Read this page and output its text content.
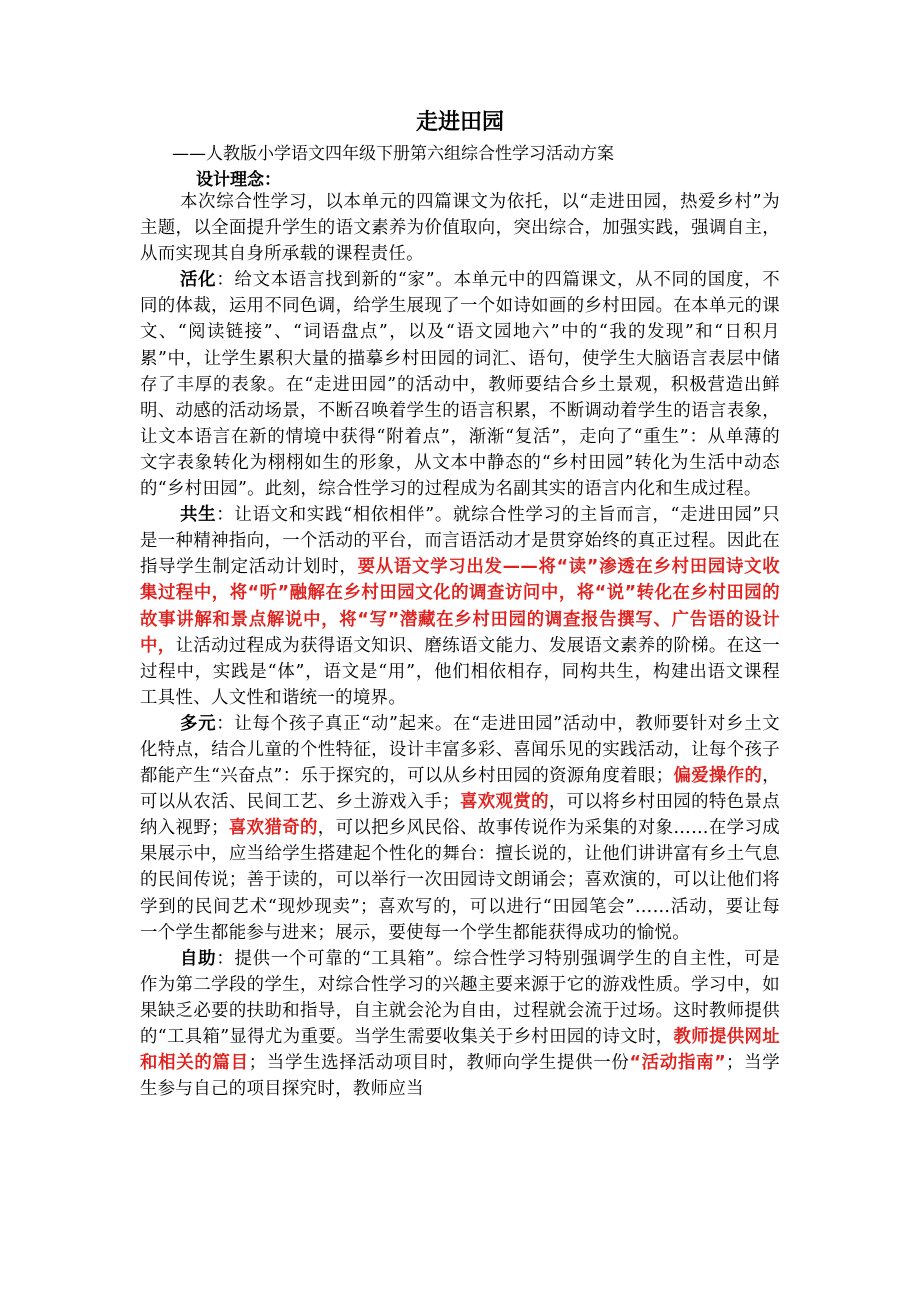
走进田园
——人教版小学语文四年级下册第六组综合性学习活动方案
设计理念：

本次综合性学习，以本单元的四篇课文为依托，以“走进田园，热爱乡村”为主题，以全面提升学生的语文素养为价值取向，突出综合，加强实践，强调自主，从而实现其自身所承载的课程责任。

活化：给文本语言找到新的“家”。本单元中的四篇课文，从不同的国度，不同的体裁，运用不同色调，给学生展现了一个如诗如画的乡村田园。在本单元的课文、“阅读链接”、“词语盘点”，以及“语文园地六”中的“我的发现”和“日积月累”中，让学生累积大量的描摹乡村田园的词汇、语句，使学生大脑语言表层中储存了丰厚的表象。在“走进田园”的活动中，教师要结合乡土景观，积极营造出鲜明、动感的活动场景，不断召唤着学生的语言积累，不断调动着学生的语言表象，让文本语言在新的情境中获得“附着点”，渐渐“复活”，走向了“重生”：从单薄的文字表象转化为栩栩如生的形象，从文本中静态的“乡村田园”转化为生活中动态的“乡村田园”。此刻，综合性学习的过程成为名副其实的语言内化和生成过程。

共生：让语文和实践“相依相伴”。就综合性学习的主旨而言，“走进田园”只是一种精神指向，一个活动的平台，而言语活动才是贯穿始终的真正过程。因此在指导学生制定活动计划时，要从语文学习出发——将“读”渗透在乡村田园诗文收集过程中，将“听”融解在乡村田园文化的调查访问中，将“说”转化在乡村田园的故事讲解和景点解说中，将“写”潜藏在乡村田园的调查报告撰写、广告语的设计中，让活动过程成为获得语文知识、磨练语文能力、发展语文素养的阶梯。在这一过程中，实践是“体”，语文是“用”，他们相依相存，同构共生，构建出语文课程工具性、人文性和谐统一的境界。

多元：让每个孩子真正“动”起来。在“走进田园”活动中，教师要针对乡土文化特点，结合儿童的个性特征，设计丰富多彩、喜闻乐见的实践活动，让每个孩子都能产生“兴奋点”：乐于探究的，可以从乡村田园的资源角度着眼；偏爱操作的，可以从农活、民间工艺、乡土游戏入手；喜欢观赏的，可以将乡村田园的特色景点纳入视野；喜欢猎奇的，可以把乡风民俗、故事传说作为采集的对象……在学习成果展示中，应当给学生搭建起个性化的舞台：擅长说的，让他们讲讲富有乡土气息的民间传说；善于读的，可以举行一次田园诗文朗诵会；喜欢演的，可以让他们将学到的民间艺术“现炒现卖”；喜欢写的，可以进行“田园笔会”……活动，要让每一个学生都能参与进来；展示，要使每一个学生都能获得成功的愉悦。

自助：提供一个可靠的“工具箱”。综合性学习特别强调学生的自主性，可是作为第二学段的学生，对综合性学习的兴趣主要来源于它的游戏性质。学习中，如果缺乏必要的扶助和指导，自主就会沦为自由，过程就会流于过场。这时教师提供的“工具箱”显得尤为重要。当学生需要收集关于乡村田园的诗文时，教师提供网址和相关的篇目；当学生选择活动项目时，教师向学生提供一份“活动指南”；当学生参与自己的项目探究时，教师应当
